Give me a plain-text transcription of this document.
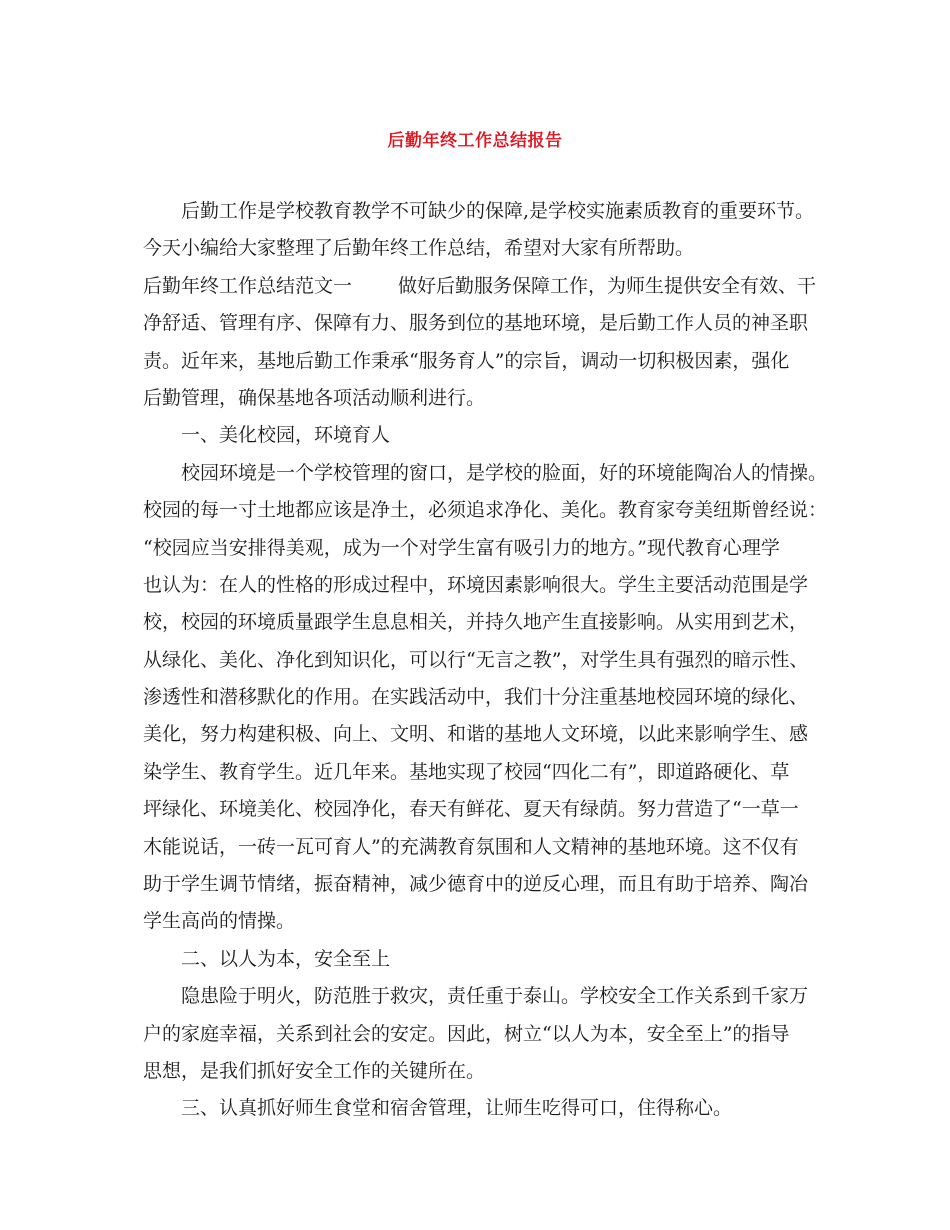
后勤年终工作总结报告
后勤工作是学校教育教学不可缺少的保障,是学校实施素质教育的重要环节。
今天小编给大家整理了后勤年终工作总结，希望对大家有所帮助。
后勤年终工作总结范文一 做好后勤服务保障工作，为师生提供安全有效、干
净舒适、管理有序、保障有力、服务到位的基地环境，是后勤工作人员的神圣职
责。近年来，基地后勤工作秉承“服务育人”的宗旨，调动一切积极因素，强化
后勤管理，确保基地各项活动顺利进行。
一、美化校园，环境育人
校园环境是一个学校管理的窗口，是学校的脸面，好的环境能陶冶人的情操。
校园的每一寸土地都应该是净土，必须追求净化、美化。教育家夸美纽斯曾经说：
“校园应当安排得美观，成为一个对学生富有吸引力的地方。”现代教育心理学
也认为：在人的性格的形成过程中，环境因素影响很大。学生主要活动范围是学
校，校园的环境质量跟学生息息相关，并持久地产生直接影响。从实用到艺术，
从绿化、美化、净化到知识化，可以行“无言之教”，对学生具有强烈的暗示性、
渗透性和潜移默化的作用。在实践活动中，我们十分注重基地校园环境的绿化、
美化，努力构建积极、向上、文明、和谐的基地人文环境，以此来影响学生、感
染学生、教育学生。近几年来。基地实现了校园“四化二有”，即道路硬化、草
坪绿化、环境美化、校园净化，春天有鲜花、夏天有绿荫。努力营造了“一草一
木能说话，一砖一瓦可育人”的充满教育氛围和人文精神的基地环境。这不仅有
助于学生调节情绪，振奋精神，减少德育中的逆反心理，而且有助于培养、陶冶
学生高尚的情操。
二、以人为本，安全至上
隐患险于明火，防范胜于救灾，责任重于泰山。学校安全工作关系到千家万
户的家庭幸福，关系到社会的安定。因此，树立“以人为本，安全至上”的指导
思想，是我们抓好安全工作的关键所在。
三、认真抓好师生食堂和宿舍管理，让师生吃得可口，住得称心。
